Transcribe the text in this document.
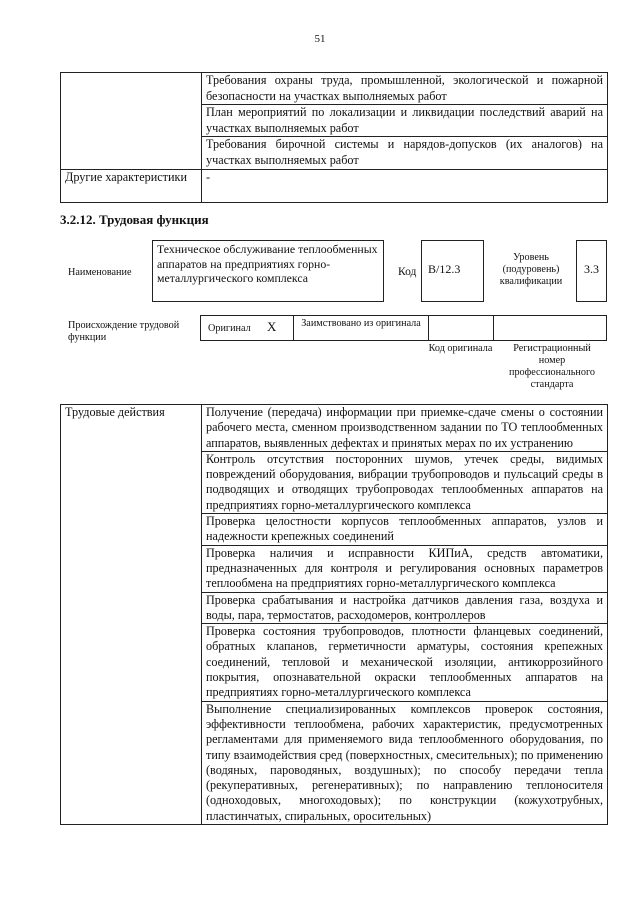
51
	Требования охраны труда, промышленной, экологической и пожарной безопасности на участках выполняемых работ
	План мероприятий по локализации и ликвидации последствий аварий на участках выполняемых работ
	Требования бирочной системы и нарядов-допусков (их аналогов) на участках выполняемых работ
Другие характеристики	-
3.2.12. Трудовая функция
Наименование
Техническое обслуживание теплообменных аппаратов на предприятиях горно-металлургического комплекса	Код B/12.3
Уровень (подуровень) квалификации
3.3
Происхождение трудовой функции
Оригинал X	Заимствовано из оригинала
Код оригинала	Регистрационный номер профессионального стандарта
Трудовые действия	Получение (передача) информации при приемке-сдаче смены о состоянии рабочего места, сменном производственном задании по ТО теплообменных аппаратов, выявленных дефектах и принятых мерах по их устранению
Контроль отсутствия посторонних шумов, утечек среды, видимых повреждений оборудования, вибрации трубопроводов и пульсаций среды в подводящих и отводящих трубопроводах теплообменных аппаратов на предприятиях горно-металлургического комплекса
Проверка целостности корпусов теплообменных аппаратов, узлов и надежности крепежных соединений
Проверка наличия и исправности КИПиА, средств автоматики, предназначенных для контроля и регулирования основных параметров теплообмена на предприятиях горно-металлургического комплекса
Проверка срабатывания и настройка датчиков давления газа, воздуха и воды, пара, термостатов, расходомеров, контроллеров
Проверка состояния трубопроводов, плотности фланцевых соединений, обратных клапанов, герметичности арматуры, состояния крепежных соединений, тепловой и механической изоляции, антикоррозийного покрытия, опознавательной окраски теплообменных аппаратов на предприятиях горно-металлургического комплекса
Выполнение специализированных комплексов проверок состояния, эффективности теплообмена, рабочих характеристик, предусмотренных регламентами для применяемого вида теплообменного оборудования, по типу взаимодействия сред (поверхностных, смесительных); по применению (водяных, пароводяных, воздушных); по способу передачи тепла (рекуперативных, регенеративных); по направлению теплоносителя (одноходовых, многоходовых); по конструкции (кожухотрубных, пластинчатых, спиральных, оросительных)
